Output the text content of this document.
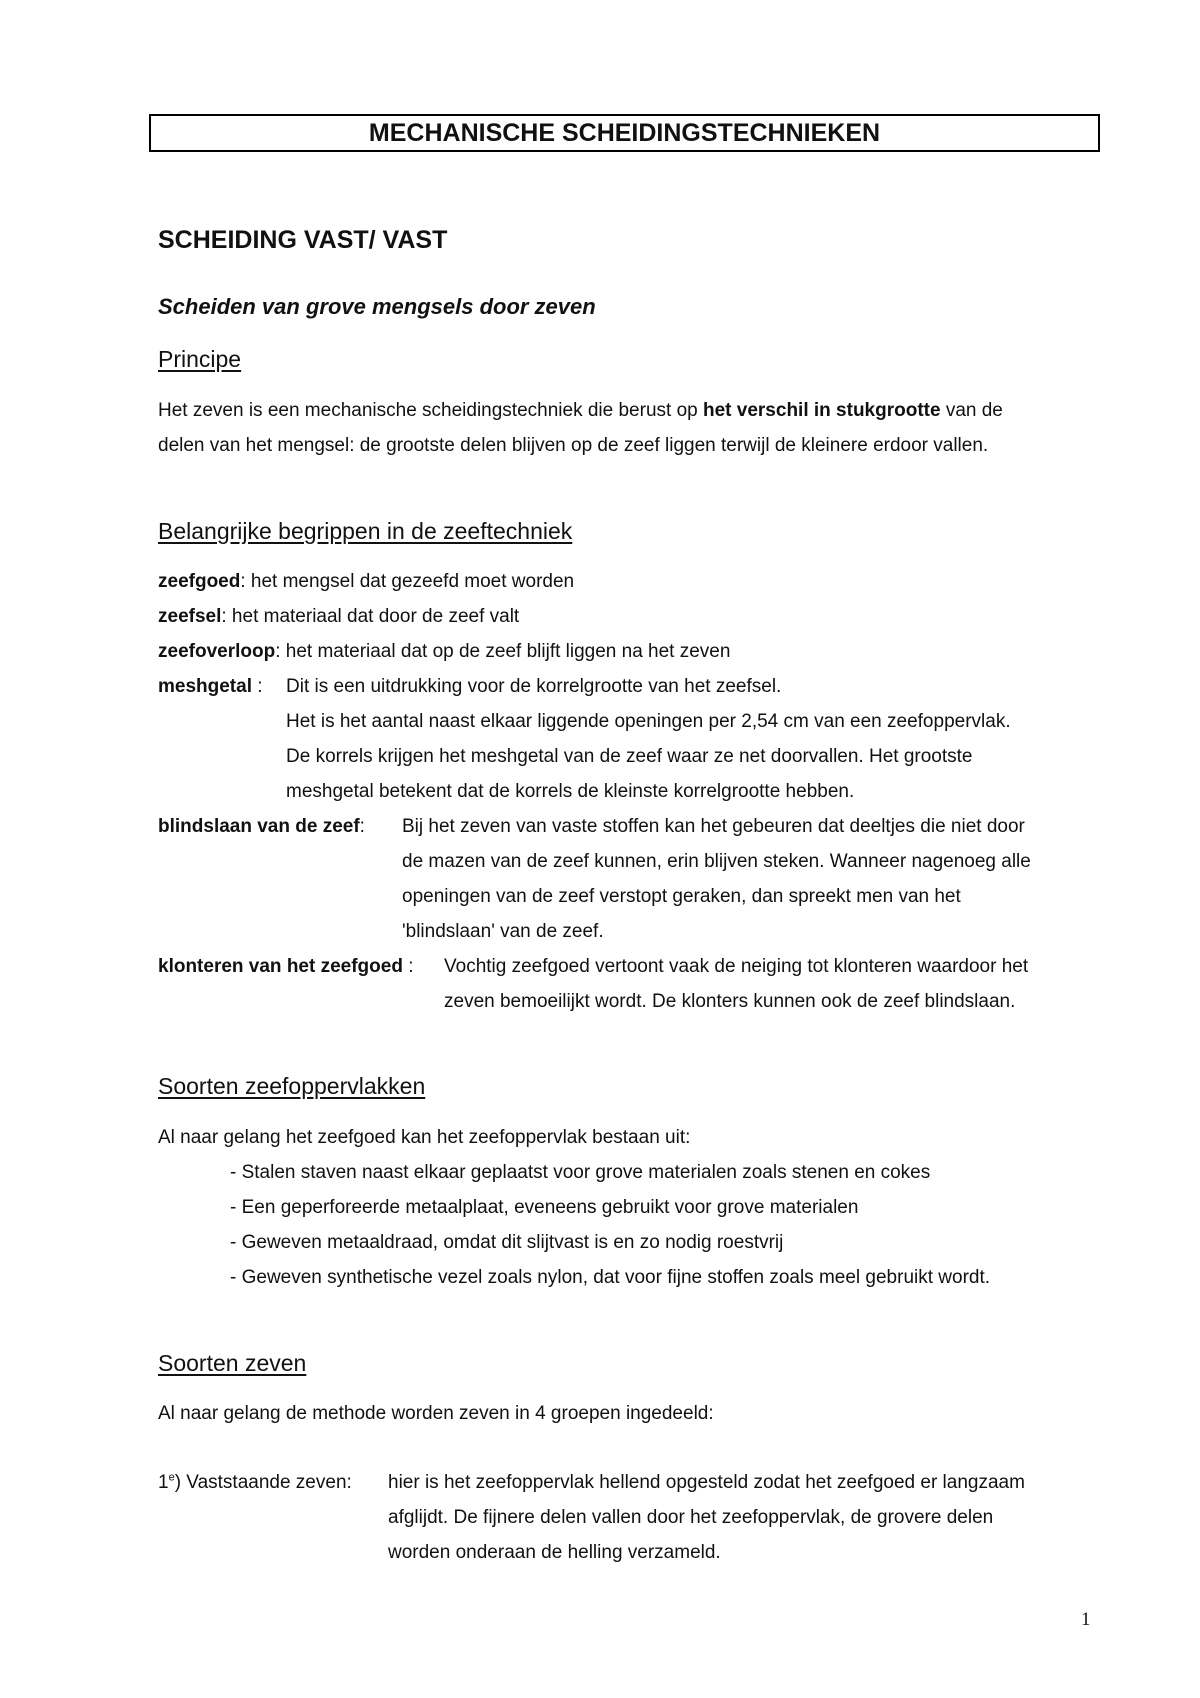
MECHANISCHE SCHEIDINGSTECHNIEKEN
SCHEIDING VAST/ VAST
Scheiden van grove mengsels door zeven
Principe
Het zeven is een mechanische scheidingstechniek die berust op het verschil in stukgrootte van de
delen van het mengsel: de grootste delen blijven op de zeef liggen terwijl de kleinere erdoor vallen.
Belangrijke begrippen in de zeeftechniek
zeefgoed: het mengsel dat gezeefd moet worden
zeefsel: het materiaal dat door de zeef valt
zeefoverloop: het materiaal dat op de zeef blijft liggen na het zeven
meshgetal : Dit is een uitdrukking voor de korrelgrootte van het zeefsel.
Het is het aantal naast elkaar liggende openingen per 2,54 cm van een zeefoppervlak.
De korrels krijgen het meshgetal van de zeef waar ze net doorvallen. Het grootste
meshgetal betekent dat de korrels de kleinste korrelgrootte hebben.
blindslaan van de zeef: Bij het zeven van vaste stoffen kan het gebeuren dat deeltjes die niet door
de mazen van de zeef kunnen, erin blijven steken. Wanneer nagenoeg alle
openingen van de zeef verstopt geraken, dan spreekt men van het
'blindslaan' van de zeef.
klonteren van het zeefgoed : Vochtig zeefgoed vertoont vaak de neiging tot klonteren waardoor het
zeven bemoeilijkt wordt. De klonters kunnen ook de zeef blindslaan.
Soorten zeefoppervlakken
Al naar gelang het zeefgoed kan het zeefoppervlak bestaan uit:
- Stalen staven naast elkaar geplaatst voor grove materialen zoals stenen en cokes
- Een geperforeerde metaalplaat, eveneens gebruikt voor grove materialen
- Geweven metaaldraad, omdat dit slijtvast is en zo nodig roestvrij
- Geweven synthetische vezel zoals nylon, dat voor fijne stoffen zoals meel gebruikt wordt.
Soorten zeven
Al naar gelang de methode worden zeven in 4 groepen ingedeeld:
1e) Vaststaande zeven: hier is het zeefoppervlak hellend opgesteld zodat het zeefgoed er langzaam
afglijdt. De fijnere delen vallen door het zeefoppervlak, de grovere delen
worden onderaan de helling verzameld.
1
